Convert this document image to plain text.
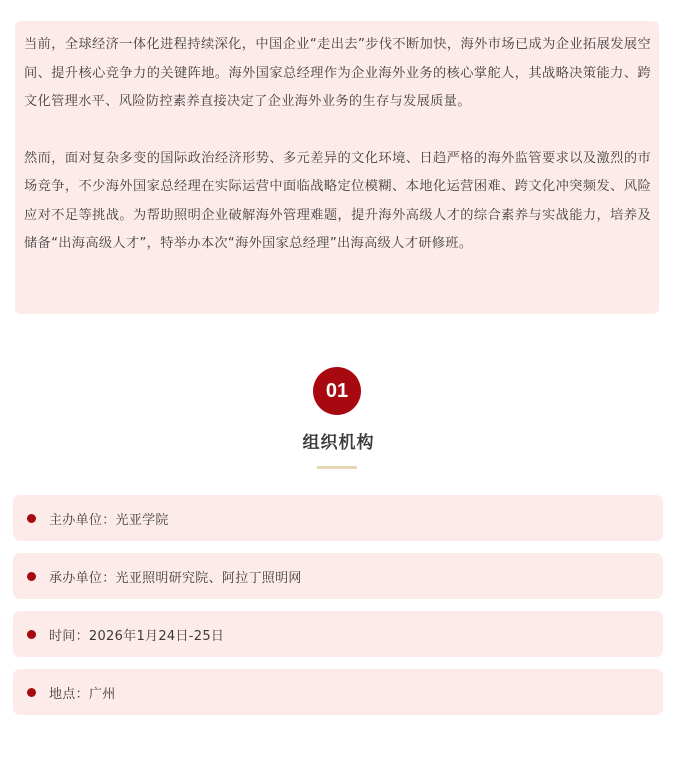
当前，全球经济一体化进程持续深化，中国企业“走出去”步伐不断加快，海外市场已成为企业拓展发展空间、提升核心竞争力的关键阵地。海外国家总经理作为企业海外业务的核心掌舵人，其战略决策能力、跨文化管理水平、风险防控素养直接决定了企业海外业务的生存与发展质量。

然而，面对复杂多变的国际政治经济形势、多元差异的文化环境、日趋严格的海外监管要求以及激烈的市场竞争，不少海外国家总经理在实际运营中面临战略定位模糊、本地化运营困难、跨文化冲突频发、风险应对不足等挑战。为帮助照明企业破解海外管理难题，提升海外高级人才的综合素养与实战能力，培养及储备“出海高级人才”，特举办本次“海外国家总经理”出海高级人才研修班。

01
组织机构
主办单位：光亚学院
承办单位：光亚照明研究院、阿拉丁照明网
时间：2026年1月24日-25日
地点：广州
